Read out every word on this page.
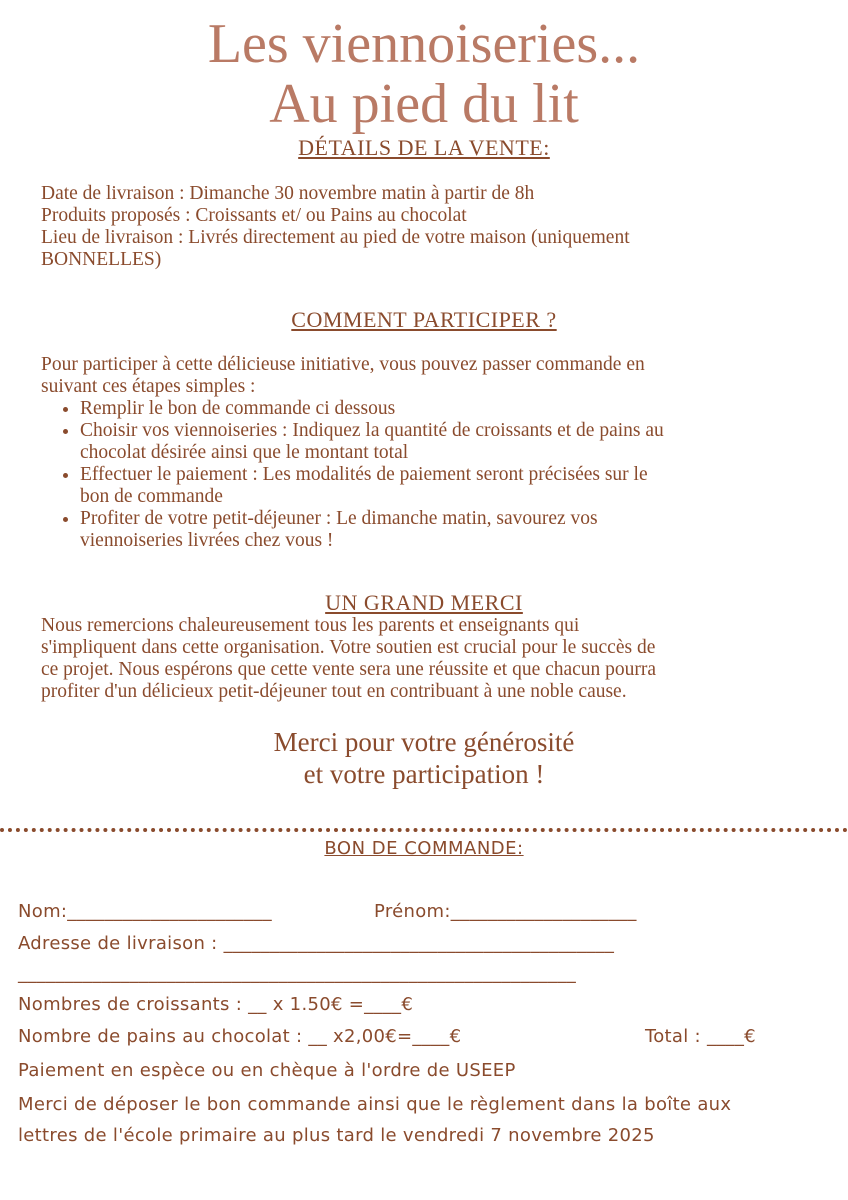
Les viennoiseries...
Au pied du lit
DÉTAILS DE LA VENTE:
Date de livraison : Dimanche 30 novembre matin à partir de 8h
Produits proposés : Croissants et/ ou Pains au chocolat
Lieu de livraison : Livrés directement au pied de votre maison (uniquement
BONNELLES)
COMMENT PARTICIPER ?
Pour participer à cette délicieuse initiative, vous pouvez passer commande en
suivant ces étapes simples :
• Remplir le bon de commande ci dessous
• Choisir vos viennoiseries : Indiquez la quantité de croissants et de pains au
chocolat désirée ainsi que le montant total
• Effectuer le paiement : Les modalités de paiement seront précisées sur le
bon de commande
• Profiter de votre petit-déjeuner : Le dimanche matin, savourez vos
viennoiseries livrées chez vous !
UN GRAND MERCI
Nous remercions chaleureusement tous les parents et enseignants qui
s'impliquent dans cette organisation. Votre soutien est crucial pour le succès de
ce projet. Nous espérons que cette vente sera une réussite et que chacun pourra
profiter d'un délicieux petit-déjeuner tout en contribuant à une noble cause.
Merci pour votre générosité
et votre participation !
BON DE COMMANDE:
Nom:______________________	Prénom:____________________
Adresse de livraison : __________________________________________
____________________________________________________________
Nombres de croissants : __ x 1.50€ =____€
Nombre de pains au chocolat : __ x2,00€=____€	Total : ____€
Paiement en espèce ou en chèque à l'ordre de USEEP
Merci de déposer le bon commande ainsi que le règlement dans la boîte aux
lettres de l'école primaire au plus tard le vendredi 7 novembre 2025
